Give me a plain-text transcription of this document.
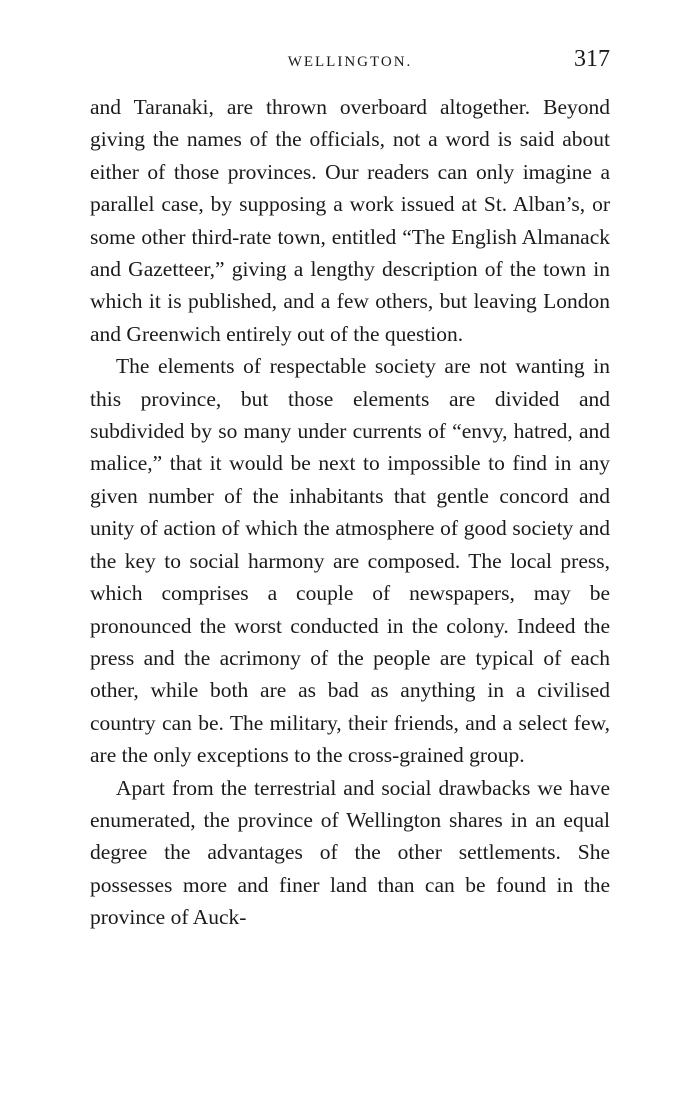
WELLINGTON.	317

and Taranaki, are thrown overboard altogether. Beyond giving the names of the officials, not a word is said about either of those provinces. Our readers can only imagine a parallel case, by supposing a work issued at St. Alban’s, or some other third-rate town, entitled “The English Almanack and Gazetteer,” giving a lengthy description of the town in which it is published, and a few others, but leaving London and Greenwich entirely out of the question.

The elements of respectable society are not wanting in this province, but those elements are divided and subdivided by so many under currents of “envy, hatred, and malice,” that it would be next to impossible to find in any given number of the inhabitants that gentle concord and unity of action of which the atmosphere of good society and the key to social harmony are composed. The local press, which comprises a couple of newspapers, may be pronounced the worst conducted in the colony. Indeed the press and the acrimony of the people are typical of each other, while both are as bad as anything in a civilised country can be. The military, their friends, and a select few, are the only exceptions to the cross-grained group.

Apart from the terrestrial and social drawbacks we have enumerated, the province of Wellington shares in an equal degree the advantages of the other settlements. She possesses more and finer land than can be found in the province of Auck-
